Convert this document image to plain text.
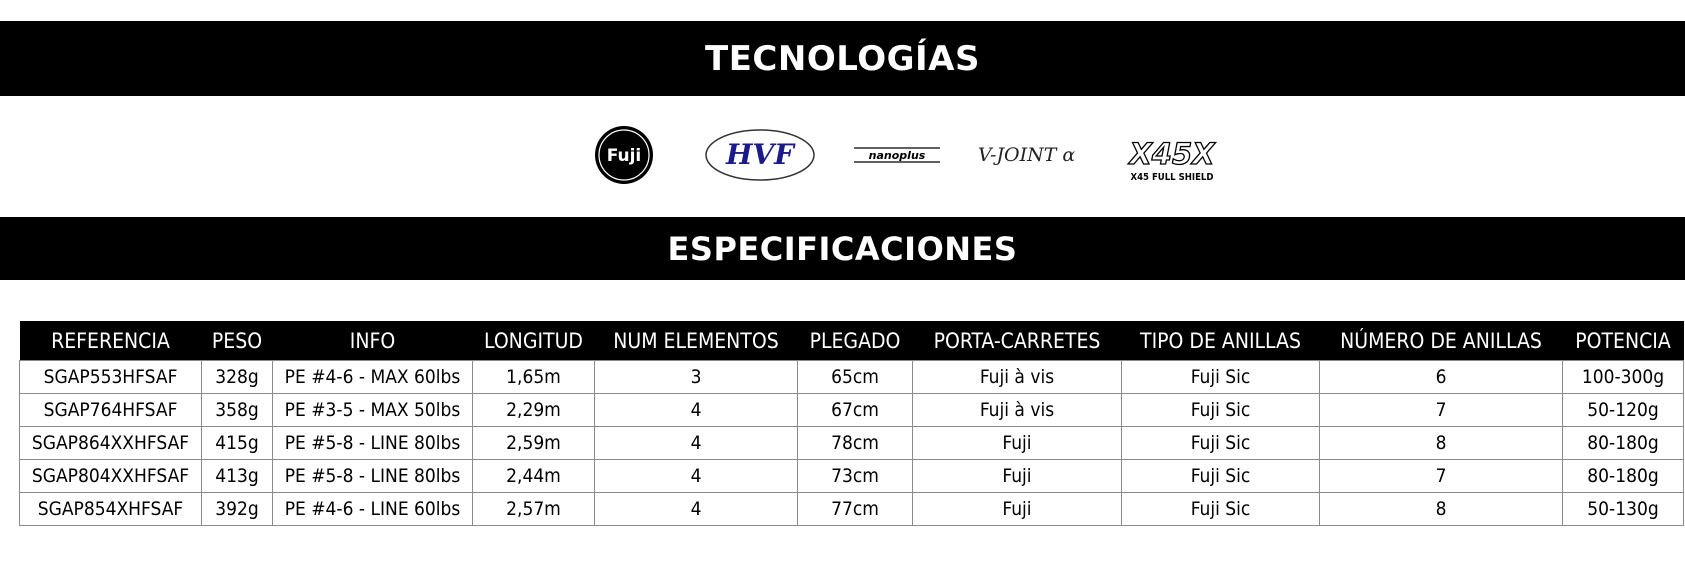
TECNOLOGÍAS
Fuji	HVF	nanoplus	V-JOINT α X45X
X45 FULL SHIELD
ESPECIFICACIONES
REFERENCIA	PESO	INFO	LONGITUD	NUM ELEMENTOS	PLEGADO	PORTA-CARRETES	TIPO DE ANILLAS	NÚMERO DE ANILLAS	POTENCIA
SGAP553HFSAF	328g	PE #4-6 - MAX 60lbs	1,65m	3	65cm	Fuji à vis	Fuji Sic	6	100-300g
SGAP764HFSAF	358g	PE #3-5 - MAX 50lbs	2,29m	4	67cm	Fuji à vis	Fuji Sic	7	50-120g
SGAP864XXHFSAF	415g	PE #5-8 - LINE 80lbs	2,59m	4	78cm	Fuji	Fuji Sic	8	80-180g
SGAP804XXHFSAF	413g	PE #5-8 - LINE 80lbs	2,44m	4	73cm	Fuji	Fuji Sic	7	80-180g
SGAP854XHFSAF	392g	PE #4-6 - LINE 60lbs	2,57m	4	77cm	Fuji	Fuji Sic	8	50-130g
